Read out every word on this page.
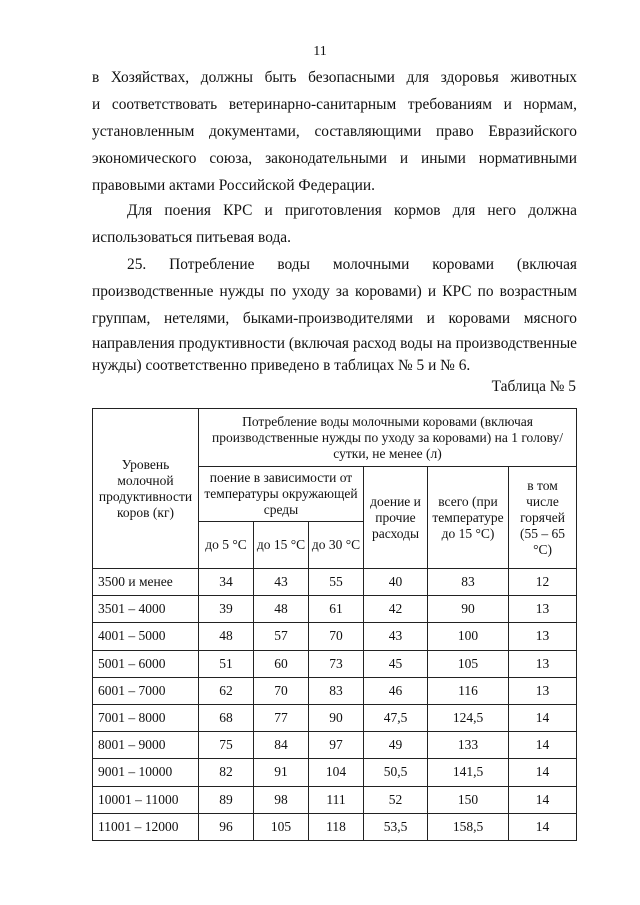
11
в Хозяйствах, должны быть безопасными для здоровья животных
и соответствовать ветеринарно-санитарным требованиям и нормам,
установленным документами, составляющими право Евразийского
экономического союза, законодательными и иными нормативными
правовыми актами Российской Федерации.
Для поения КРС и приготовления кормов для него должна
использоваться питьевая вода.
25. Потребление воды молочными коровами (включая
производственные нужды по уходу за коровами) и КРС по возрастным
группам, нетелями, быками-производителями и коровами мясного
направления продуктивности (включая расход воды на производственные
нужды) соответственно приведено в таблицах № 5 и № 6.
Таблица № 5
Уровень молочной продуктивности коров (кг)	Потребление воды молочными коровами (включая производственные нужды по уходу за коровами) на 1 голову/сутки, не менее (л)					
	поение в зависимости от температуры окружающей среды			доение и прочие расходы	всего (при температуре до 15 °С)	в том числе горячей (55 – 65 °С)
	до 5 °С	до 15 °С	до 30 °С			
3500 и менее	34	43	55	40	83	12
3501 – 4000	39	48	61	42	90	13
4001 – 5000	48	57	70	43	100	13
5001 – 6000	51	60	73	45	105	13
6001 – 7000	62	70	83	46	116	13
7001 – 8000	68	77	90	47,5	124,5	14
8001 – 9000	75	84	97	49	133	14
9001 – 10000	82	91	104	50,5	141,5	14
10001 – 11000	89	98	111	52	150	14
11001 – 12000	96	105	118	53,5	158,5	14
